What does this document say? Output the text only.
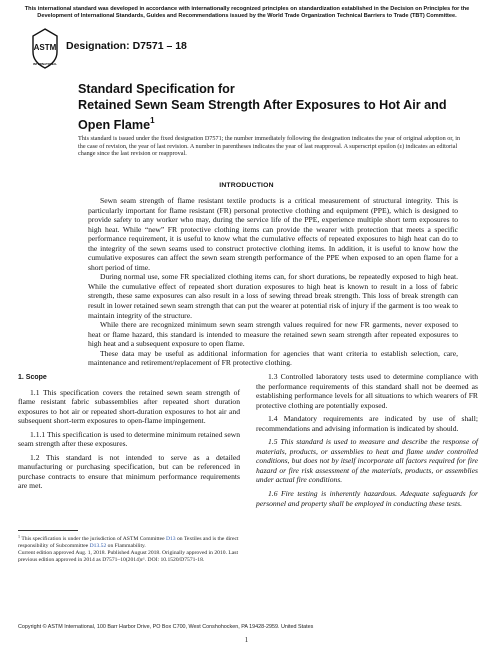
This international standard was developed in accordance with internationally recognized principles on standardization established in the Decision on Principles for the Development of International Standards, Guides and Recommendations issued by the World Trade Organization Technical Barriers to Trade (TBT) Committee.
ASTM
INTERNATIONAL
Designation: D7571 – 18
Standard Specification for
Retained Sewn Seam Strength After Exposures to Hot Air and Open Flame$^1$
This standard is issued under the fixed designation D7571; the number immediately following the designation indicates the year of original adoption or, in the case of revision, the year of last revision. A number in parentheses indicates the year of last reapproval. A superscript epsilon (ε) indicates an editorial change since the last revision or reapproval.
INTRODUCTION

Sewn seam strength of flame resistant textile products is a critical measurement of structural integrity. This is particularly important for flame resistant (FR) personal protective clothing and equipment (PPE), which is designed to provide safety to any worker who may, during the service life of the PPE, experience multiple short term exposures to high heat. While “new” FR protective clothing items can provide the wearer with protection that meets a specific performance requirement, it is useful to know what the cumulative effects of repeated exposures to high heat can do to the integrity of the sewn seams used to construct protective clothing items. In addition, it is useful to know how the cumulative exposures can affect the sewn seam strength performance of the PPE when exposed to an open flame for a short period of time.

During normal use, some FR specialized clothing items can, for short durations, be repeatedly exposed to high heat. While the cumulative effect of repeated short duration exposures to high heat is known to result in a loss of fabric strength, these same exposures can also result in a loss of sewing thread break strength. This loss of break strength can result in lower retained sewn seam strength that can put the wearer at potential risk of injury if the garment is too weak to maintain integrity of the structure.

While there are recognized minimum sewn seam strength values required for new FR garments, never exposed to heat or flame hazard, this standard is intended to measure the retained sewn seam strength after repeated exposures to high heat and a subsequent exposure to open flame.

These data may be useful as additional information for agencies that want criteria to establish selection, care, maintenance and retirement/replacement of FR protective clothing.

1. Scope

1.1 This specification covers the retained sewn seam strength of flame resistant fabric subassemblies after repeated short duration exposures to hot air or repeated short-duration exposures to hot air and subsequent short-term exposures to open-flame impingement.

1.1.1 This specification is used to determine minimum retained sewn seam strength after these exposures.

1.2 This standard is not intended to serve as a detailed manufacturing or purchasing specification, but can be referenced in purchase contracts to ensure that minimum performance requirements are met.

1.3 Controlled laboratory tests used to determine compliance with the performance requirements of this standard shall not be deemed as establishing performance levels for all situations to which wearers of FR protective clothing are potentially exposed.

1.4 Mandatory requirements are indicated by use of shall; recommendations and advising information is indicated by should.

1.5 This standard is used to measure and describe the response of materials, products, or assemblies to heat and flame under controlled conditions, but does not by itself incorporate all factors required for fire hazard or fire risk assessment of the materials, products, or assemblies under actual fire conditions.

1.6 Fire testing is inherently hazardous. Adequate safeguards for personnel and property shall be employed in conducting these tests.

$^1$ This specification is under the jurisdiction of ASTM Committee D13 on Textiles and is the direct responsibility of Subcommittee D13.52 on Flammability.
Current edition approved Aug. 1, 2018. Published August 2018. Originally approved in 2010. Last previous edition approved in 2014 as D7571–10(2014)ε¹. DOI: 10.1520/D7571-18.
Copyright © ASTM International, 100 Barr Harbor Drive, PO Box C700, West Conshohocken, PA 19428-2959. United States
1
